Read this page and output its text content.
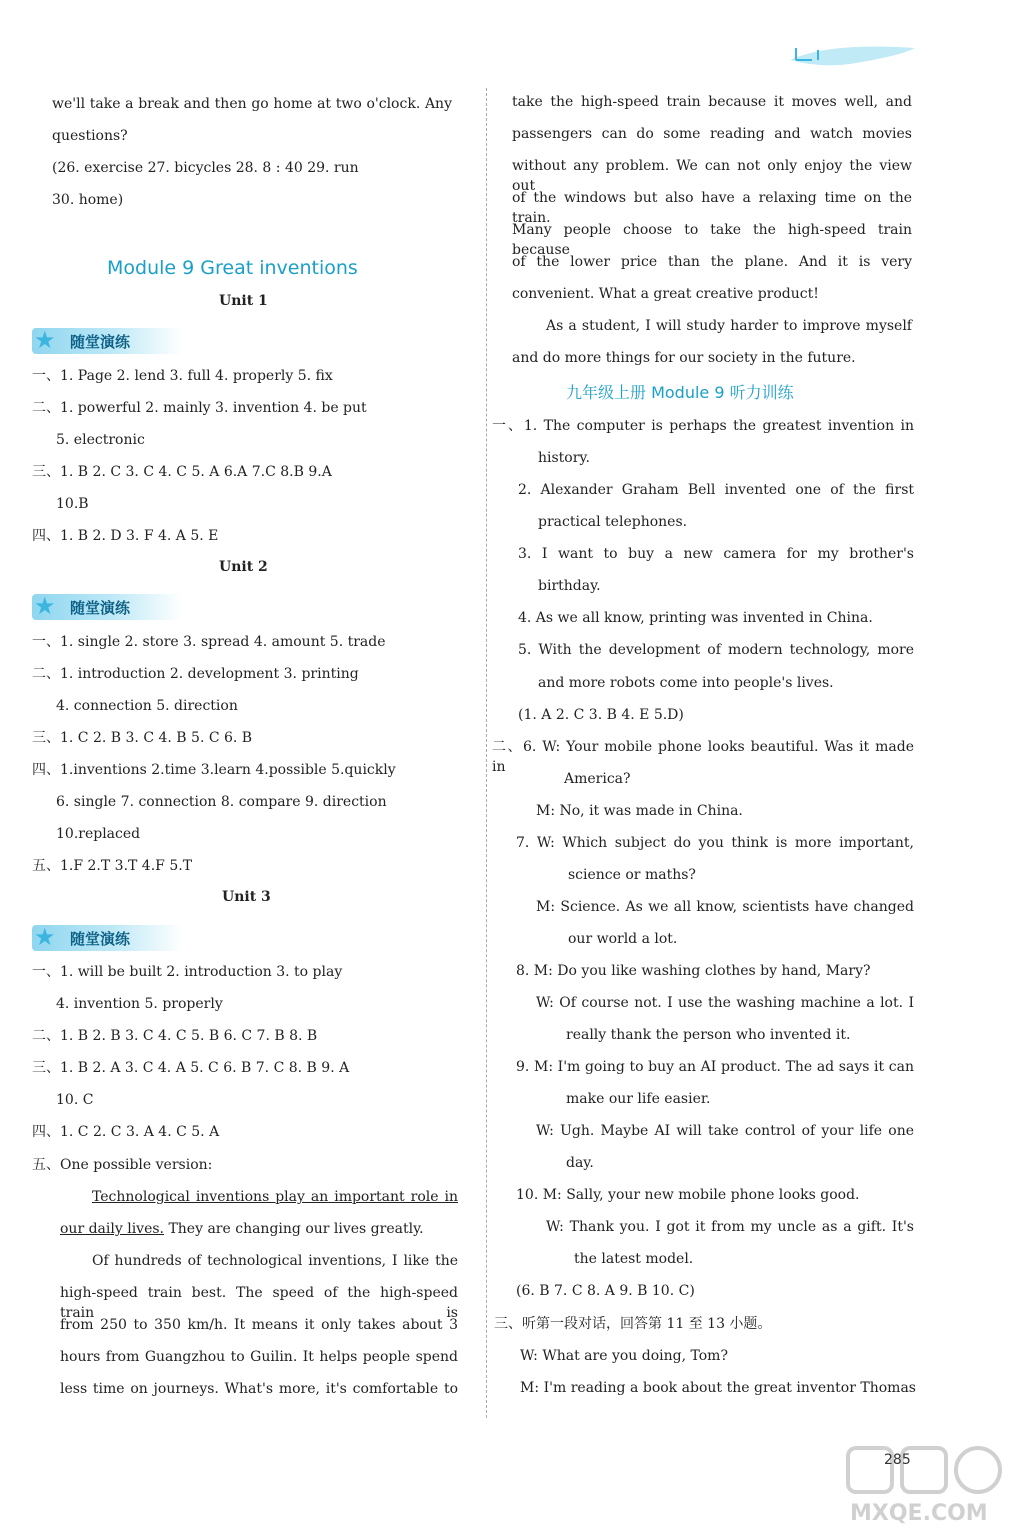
we'll take a break and then go home at two o'clock. Any
questions?
(26. exercise 27. bicycles 28. 8 : 40 29. run
30. home)
Module 9 Great inventions
Unit 1
★ 随堂演练
一、1. Page 2. lend 3. full 4. properly 5. fix
二、1. powerful 2. mainly 3. invention 4. be put
5. electronic
三、1. B 2. C 3. C 4. C 5. A 6.A 7.C 8.B 9.A
10.B
四、1. B 2. D 3. F 4. A 5. E
Unit 2
★ 随堂演练
一、1. single 2. store 3. spread 4. amount 5. trade
二、1. introduction 2. development 3. printing
4. connection 5. direction
三、1. C 2. B 3. C 4. B 5. C 6. B
四、1.inventions 2.time 3.learn 4.possible 5.quickly
6. single 7. connection 8. compare 9. direction
10.replaced
五、1.F 2.T 3.T 4.F 5.T
Unit 3
★ 随堂演练
一、1. will be built 2. introduction 3. to play
4. invention 5. properly
二、1. B 2. B 3. C 4. C 5. B 6. C 7. B 8. B
三、1. B 2. A 3. C 4. A 5. C 6. B 7. C 8. B 9. A
10. C
四、1. C 2. C 3. A 4. C 5. A
五、One possible version:
Technological inventions play an important role in
our daily lives. They are changing our lives greatly.
Of hundreds of technological inventions, I like the
high-speed train best. The speed of the high-speed train is
from 250 to 350 km/h. It means it only takes about 3
hours from Guangzhou to Guilin. It helps people spend
less time on journeys. What's more, it's comfortable to
take the high-speed train because it moves well, and
passengers can do some reading and watch movies
without any problem. We can not only enjoy the view out
of the windows but also have a relaxing time on the train.
Many people choose to take the high-speed train because
of the lower price than the plane. And it is very
convenient. What a great creative product!
As a student, I will study harder to improve myself
and do more things for our society in the future.
九年级上册 Module 9 听力训练
一、1. The computer is perhaps the greatest invention in
history.
2. Alexander Graham Bell invented one of the first
practical telephones.
3. I want to buy a new camera for my brother's
birthday.
4. As we all know, printing was invented in China.
5. With the development of modern technology, more
and more robots come into people's lives.
(1. A 2. C 3. B 4. E 5.D)
二、6. W: Your mobile phone looks beautiful. Was it made in
America?
M: No, it was made in China.
7. W: Which subject do you think is more important,
science or maths?
M: Science. As we all know, scientists have changed
our world a lot.
8. M: Do you like washing clothes by hand, Mary?
W: Of course not. I use the washing machine a lot. I
really thank the person who invented it.
9. M: I'm going to buy an AI product. The ad says it can
make our life easier.
W: Ugh. Maybe AI will take control of your life one
day.
10. M: Sally, your new mobile phone looks good.
W: Thank you. I got it from my uncle as a gift. It's
the latest model.
(6. B 7. C 8. A 9. B 10. C)
三、听第一段对话，回答第 11 至 13 小题。
W: What are you doing, Tom?
M: I'm reading a book about the great inventor Thomas
MXQE.COM
285
